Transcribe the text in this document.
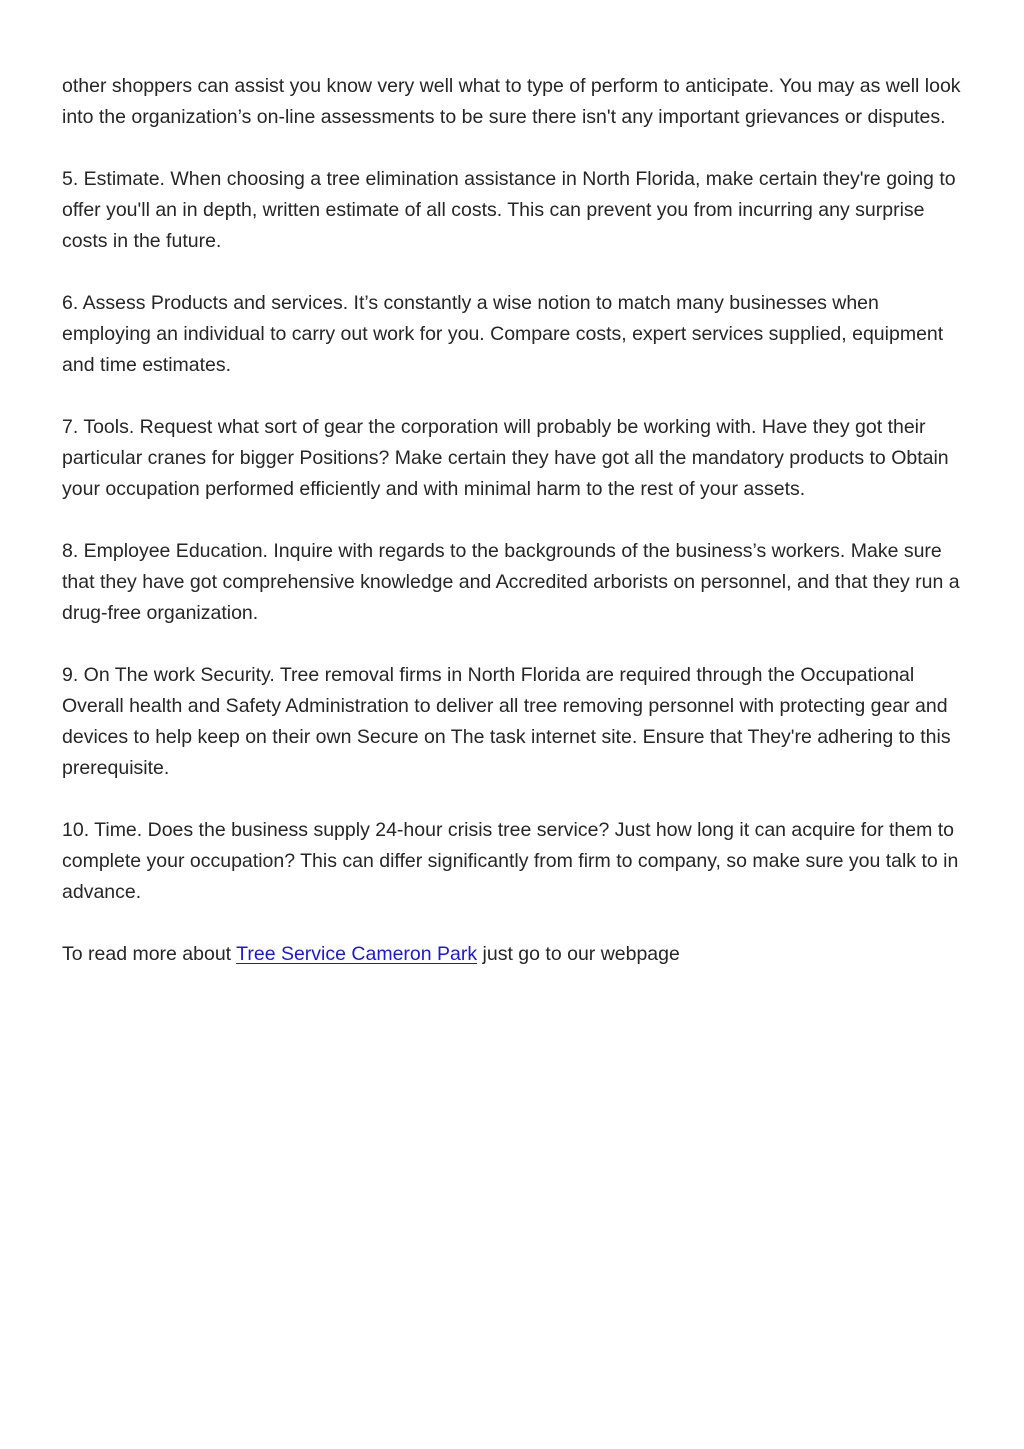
other shoppers can assist you know very well what to type of perform to anticipate. You may as well look into the organization’s on-line assessments to be sure there isn't any important grievances or disputes.

5. Estimate. When choosing a tree elimination assistance in North Florida, make certain they're going to offer you'll an in depth, written estimate of all costs. This can prevent you from incurring any surprise costs in the future.

6. Assess Products and services. It’s constantly a wise notion to match many businesses when employing an individual to carry out work for you. Compare costs, expert services supplied, equipment and time estimates.

7. Tools. Request what sort of gear the corporation will probably be working with. Have they got their particular cranes for bigger Positions? Make certain they have got all the mandatory products to Obtain your occupation performed efficiently and with minimal harm to the rest of your assets.

8. Employee Education. Inquire with regards to the backgrounds of the business’s workers. Make sure that they have got comprehensive knowledge and Accredited arborists on personnel, and that they run a drug-free organization.

9. On The work Security. Tree removal firms in North Florida are required through the Occupational Overall health and Safety Administration to deliver all tree removing personnel with protecting gear and devices to help keep on their own Secure on The task internet site. Ensure that They're adhering to this prerequisite.

10. Time. Does the business supply 24-hour crisis tree service? Just how long it can acquire for them to complete your occupation? This can differ significantly from firm to company, so make sure you talk to in advance.

To read more about Tree Service Cameron Park just go to our webpage
